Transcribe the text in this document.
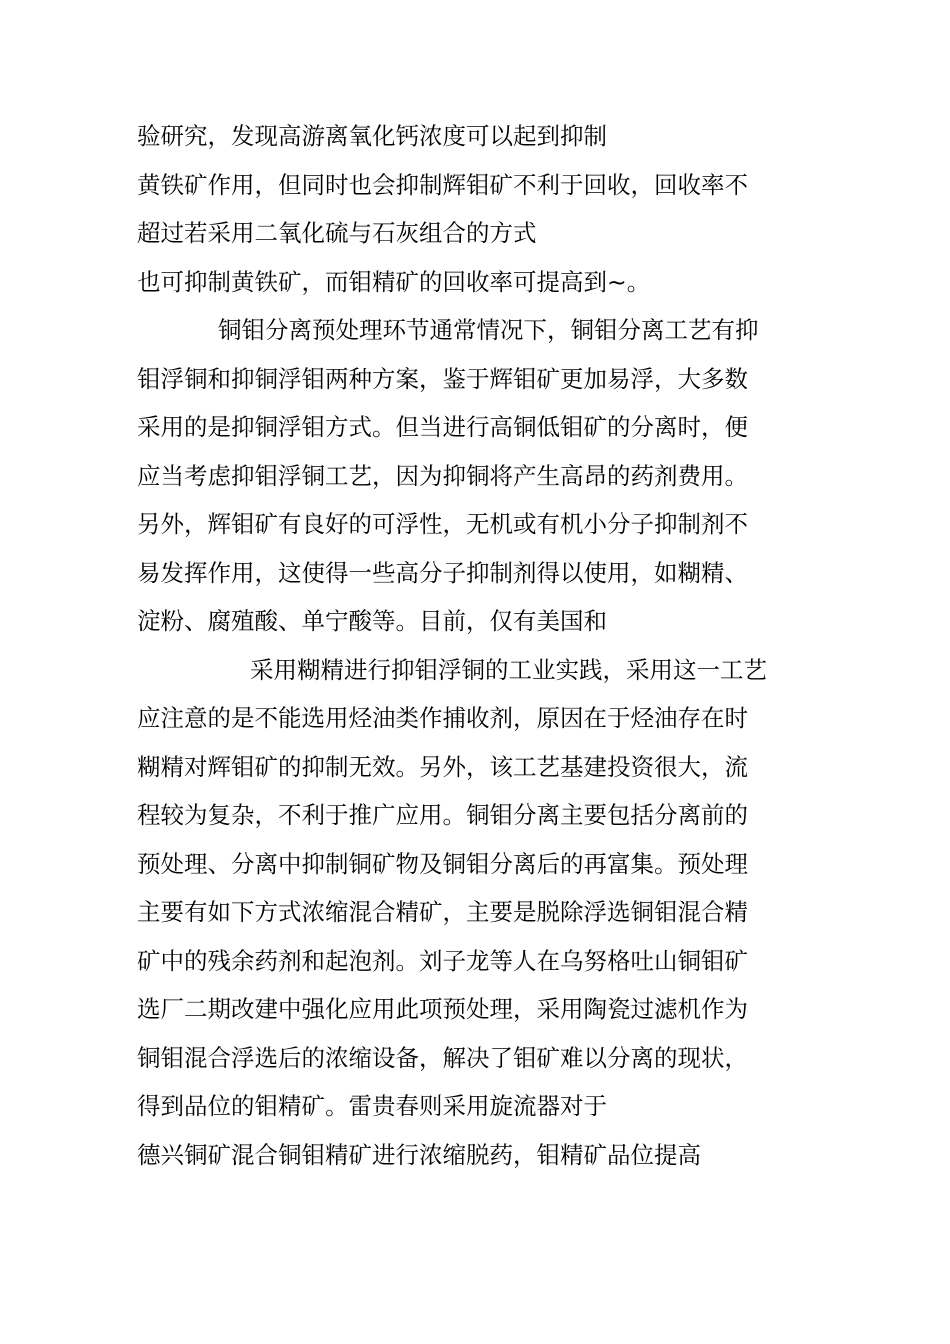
验研究，发现高游离氧化钙浓度可以起到抑制
黄铁矿作用，但同时也会抑制辉钼矿不利于回收，回收率不
超过若采用二氧化硫与石灰组合的方式
也可抑制黄铁矿，而钼精矿的回收率可提高到~。
铜钼分离预处理环节通常情况下，铜钼分离工艺有抑
钼浮铜和抑铜浮钼两种方案，鉴于辉钼矿更加易浮，大多数
采用的是抑铜浮钼方式。但当进行高铜低钼矿的分离时，便
应当考虑抑钼浮铜工艺，因为抑铜将产生高昂的药剂费用。
另外，辉钼矿有良好的可浮性，无机或有机小分子抑制剂不
易发挥作用，这使得一些高分子抑制剂得以使用，如糊精、
淀粉、腐殖酸、单宁酸等。目前，仅有美国和
采用糊精进行抑钼浮铜的工业实践，采用这一工艺
应注意的是不能选用烃油类作捕收剂，原因在于烃油存在时
糊精对辉钼矿的抑制无效。另外，该工艺基建投资很大，流
程较为复杂，不利于推广应用。铜钼分离主要包括分离前的
预处理、分离中抑制铜矿物及铜钼分离后的再富集。预处理
主要有如下方式浓缩混合精矿，主要是脱除浮选铜钼混合精
矿中的残余药剂和起泡剂。刘子龙等人在乌努格吐山铜钼矿
选厂二期改建中强化应用此项预处理，采用陶瓷过滤机作为
铜钼混合浮选后的浓缩设备，解决了钼矿难以分离的现状，
得到品位的钼精矿。雷贵春则采用旋流器对于
德兴铜矿混合铜钼精矿进行浓缩脱药，钼精矿品位提高
